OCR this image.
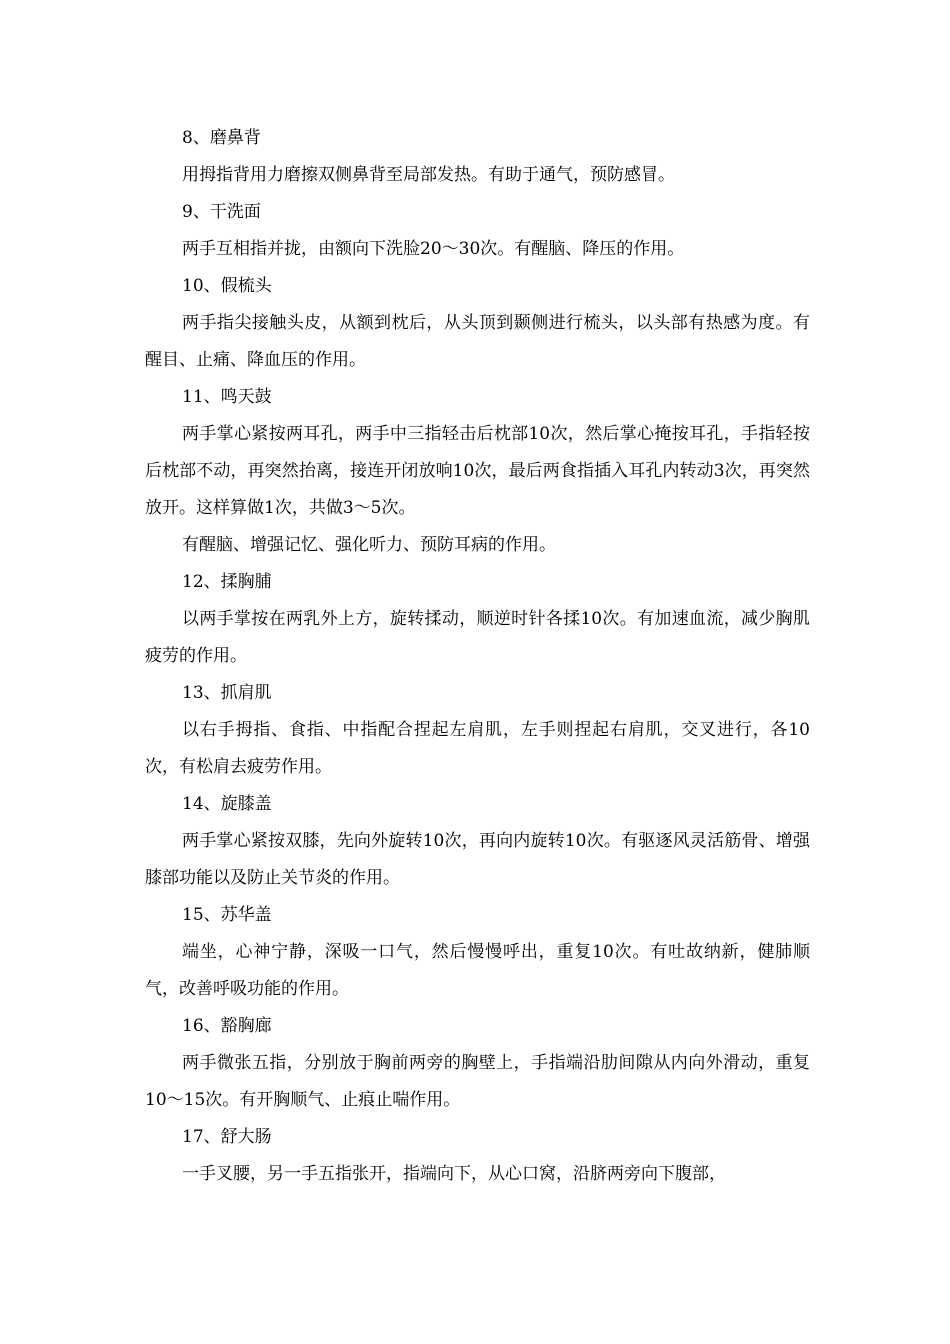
8、磨鼻背
用拇指背用力磨擦双侧鼻背至局部发热。有助于通气，预防感冒。
9、干洗面
两手互相指并拢，由额向下洗脸20～30次。有醒脑、降压的作用。
10、假梳头
两手指尖接触头皮，从额到枕后，从头顶到颞侧进行梳头，以头部有热感为度。有醒目、止痛、降血压的作用。
11、鸣天鼓
两手掌心紧按两耳孔，两手中三指轻击后枕部10次，然后掌心掩按耳孔，手指轻按后枕部不动，再突然抬离，接连开闭放响10次，最后两食指插入耳孔内转动3次，再突然放开。这样算做1次，共做3～5次。
有醒脑、增强记忆、强化听力、预防耳病的作用。
12、揉胸脯
以两手掌按在两乳外上方，旋转揉动，顺逆时针各揉10次。有加速血流，减少胸肌疲劳的作用。
13、抓肩肌
以右手拇指、食指、中指配合捏起左肩肌，左手则捏起右肩肌，交叉进行，各10次，有松肩去疲劳作用。
14、旋膝盖
两手掌心紧按双膝，先向外旋转10次，再向内旋转10次。有驱逐风灵活筋骨、增强膝部功能以及防止关节炎的作用。
15、苏华盖
端坐，心神宁静，深吸一口气，然后慢慢呼出，重复10次。有吐故纳新，健肺顺气，改善呼吸功能的作用。
16、豁胸廊
两手微张五指，分别放于胸前两旁的胸壁上，手指端沿肋间隙从内向外滑动，重复10～15次。有开胸顺气、止痕止喘作用。
17、舒大肠
一手叉腰，另一手五指张开，指端向下，从心口窝，沿脐两旁向下腹部，
